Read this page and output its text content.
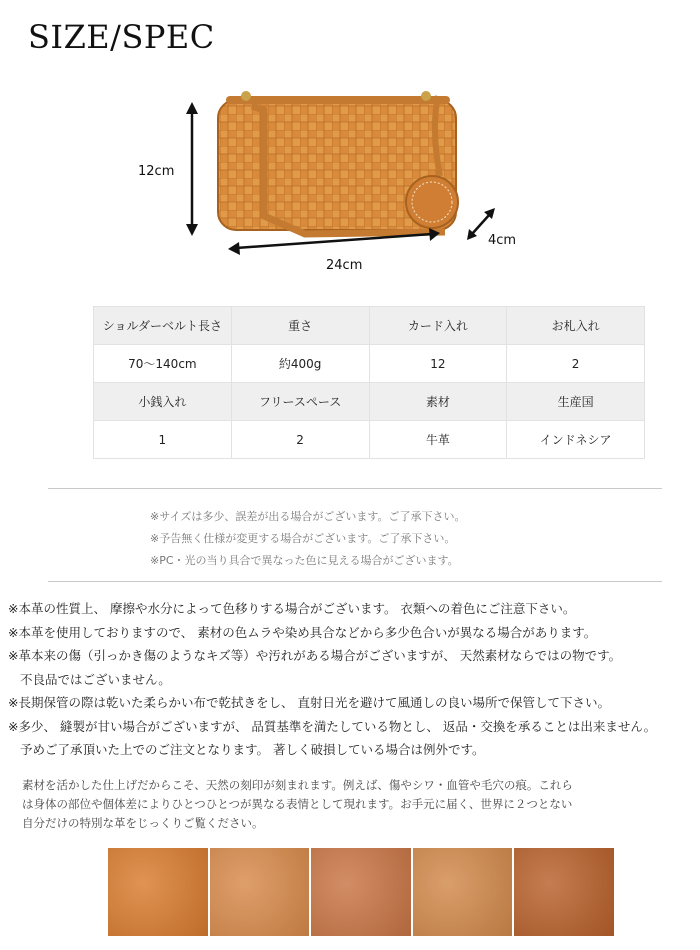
SIZE/SPEC
12cm
24cm
4cm
ショルダーベルト長さ	重さ	カード入れ	お札入れ
70～140cm	約400g	12	2
小銭入れ	フリースペース	素材	生産国
1	2	牛革	インドネシア
※サイズは多少、誤差が出る場合がございます。ご了承下さい。
※予告無く仕様が変更する場合がございます。ご了承下さい。
※PC・光の当り具合で異なった色に見える場合がございます。
※本革の性質上、 摩擦や水分によって色移りする場合がございます。 衣類への着色にご注意下さい。
※本革を使用しておりますので、 素材の色ムラや染め具合などから多少色合いが異なる場合があります。
※革本来の傷（引っかき傷のようなキズ等）や汚れがある場合がございますが、 天然素材ならではの物です。
不良品ではございません。
※長期保管の際は乾いた柔らかい布で乾拭きをし、 直射日光を避けて風通しの良い場所で保管して下さい。
※多少、 縫製が甘い場合がございますが、 品質基準を満たしている物とし、 返品・交換を承ることは出来ません。
予めご了承頂いた上でのご注文となります。 著しく破損している場合は例外です。
素材を活かした仕上げだからこそ、天然の刻印が刻まれます。例えば、傷やシワ・血管や毛穴の痕。これら
は身体の部位や個体差によりひとつひとつが異なる表情として現れます。お手元に届く、世界に２つとない
自分だけの特別な革をじっくりご覧ください。
